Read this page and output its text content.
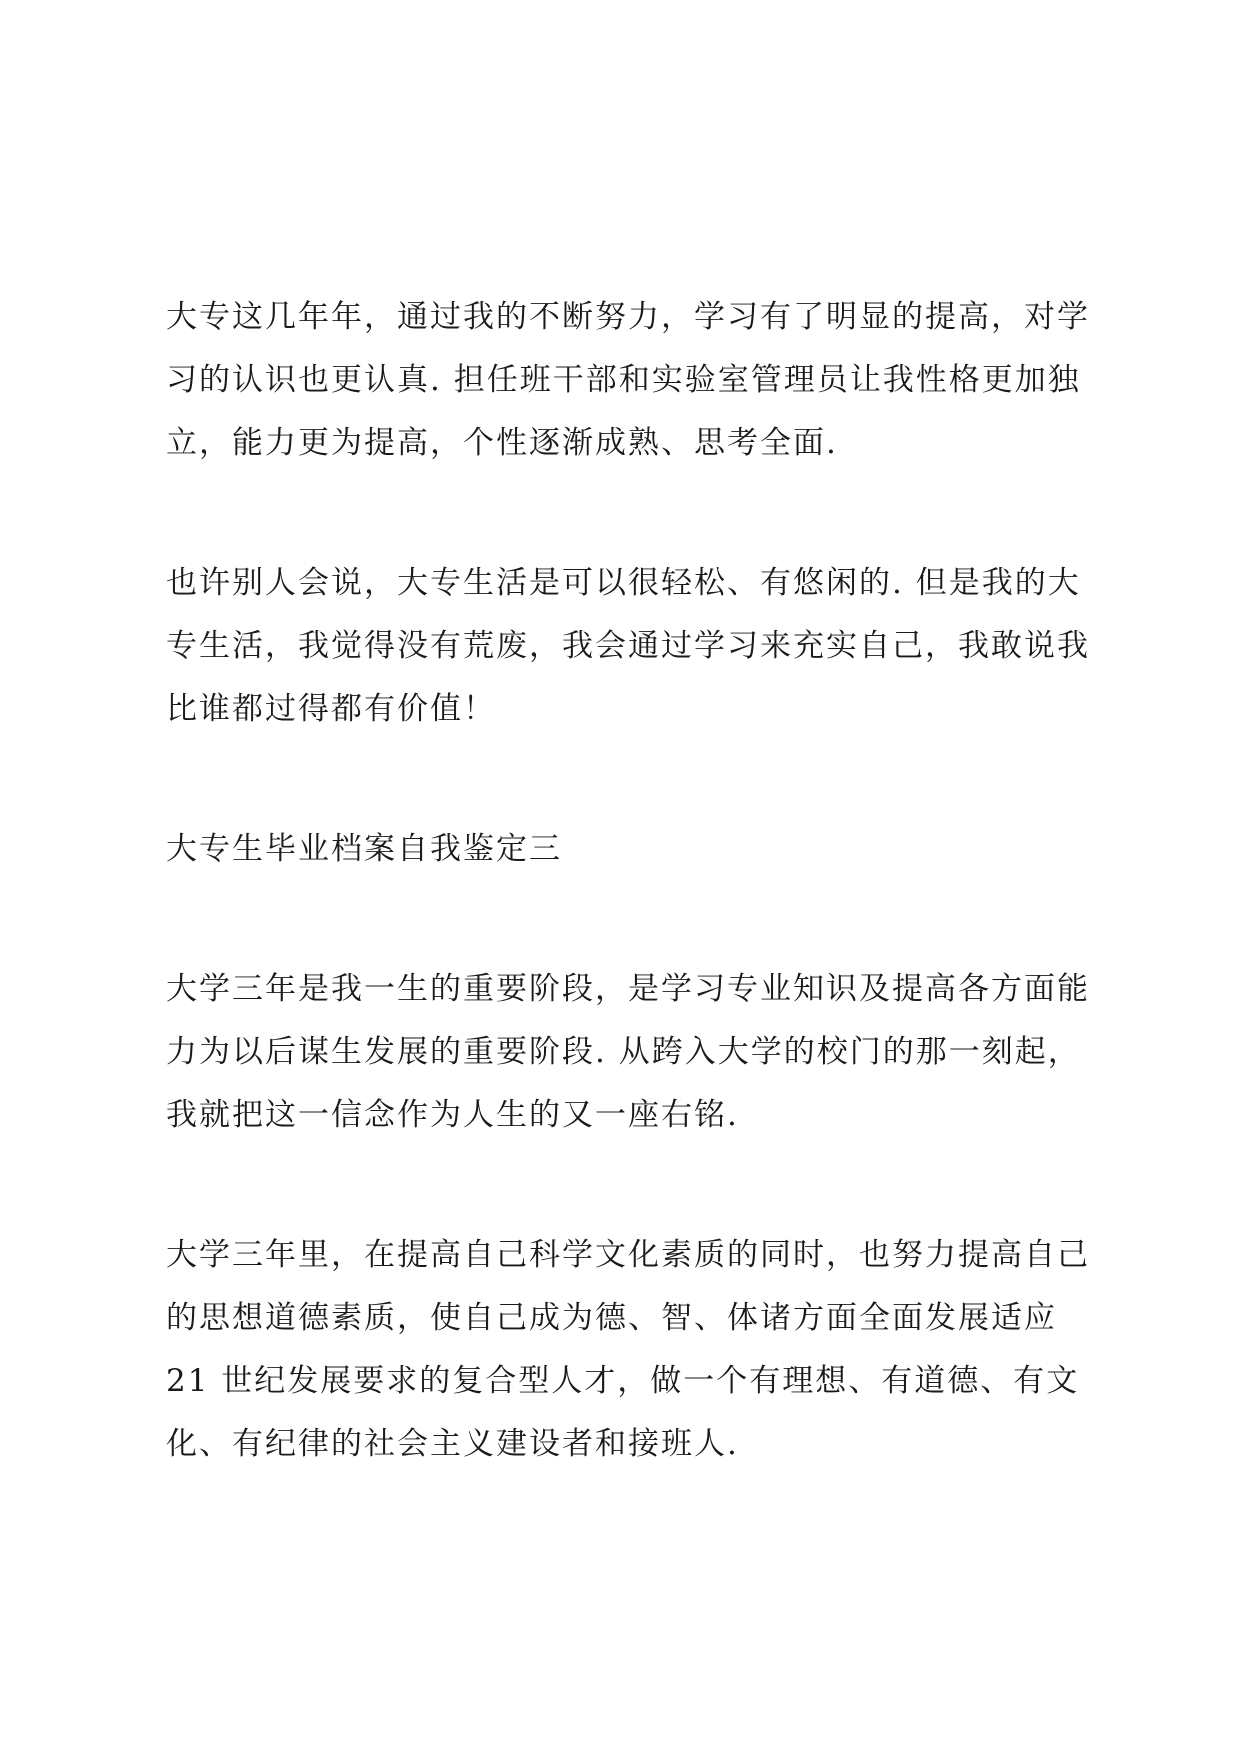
大专这几年年，通过我的不断努力，学习有了明显的提高，对学
习的认识也更认真. 担任班干部和实验室管理员让我性格更加独
立，能力更为提高，个性逐渐成熟、思考全面.

也许别人会说，大专生活是可以很轻松、有悠闲的. 但是我的大
专生活，我觉得没有荒废，我会通过学习来充实自己，我敢说我
比谁都过得都有价值！

大专生毕业档案自我鉴定三

大学三年是我一生的重要阶段，是学习专业知识及提高各方面能
力为以后谋生发展的重要阶段. 从跨入大学的校门的那一刻起，
我就把这一信念作为人生的又一座右铭.

大学三年里，在提高自己科学文化素质的同时，也努力提高自己
的思想道德素质，使自己成为德、智、体诸方面全面发展适应
21 世纪发展要求的复合型人才，做一个有理想、有道德、有文
化、有纪律的社会主义建设者和接班人.
